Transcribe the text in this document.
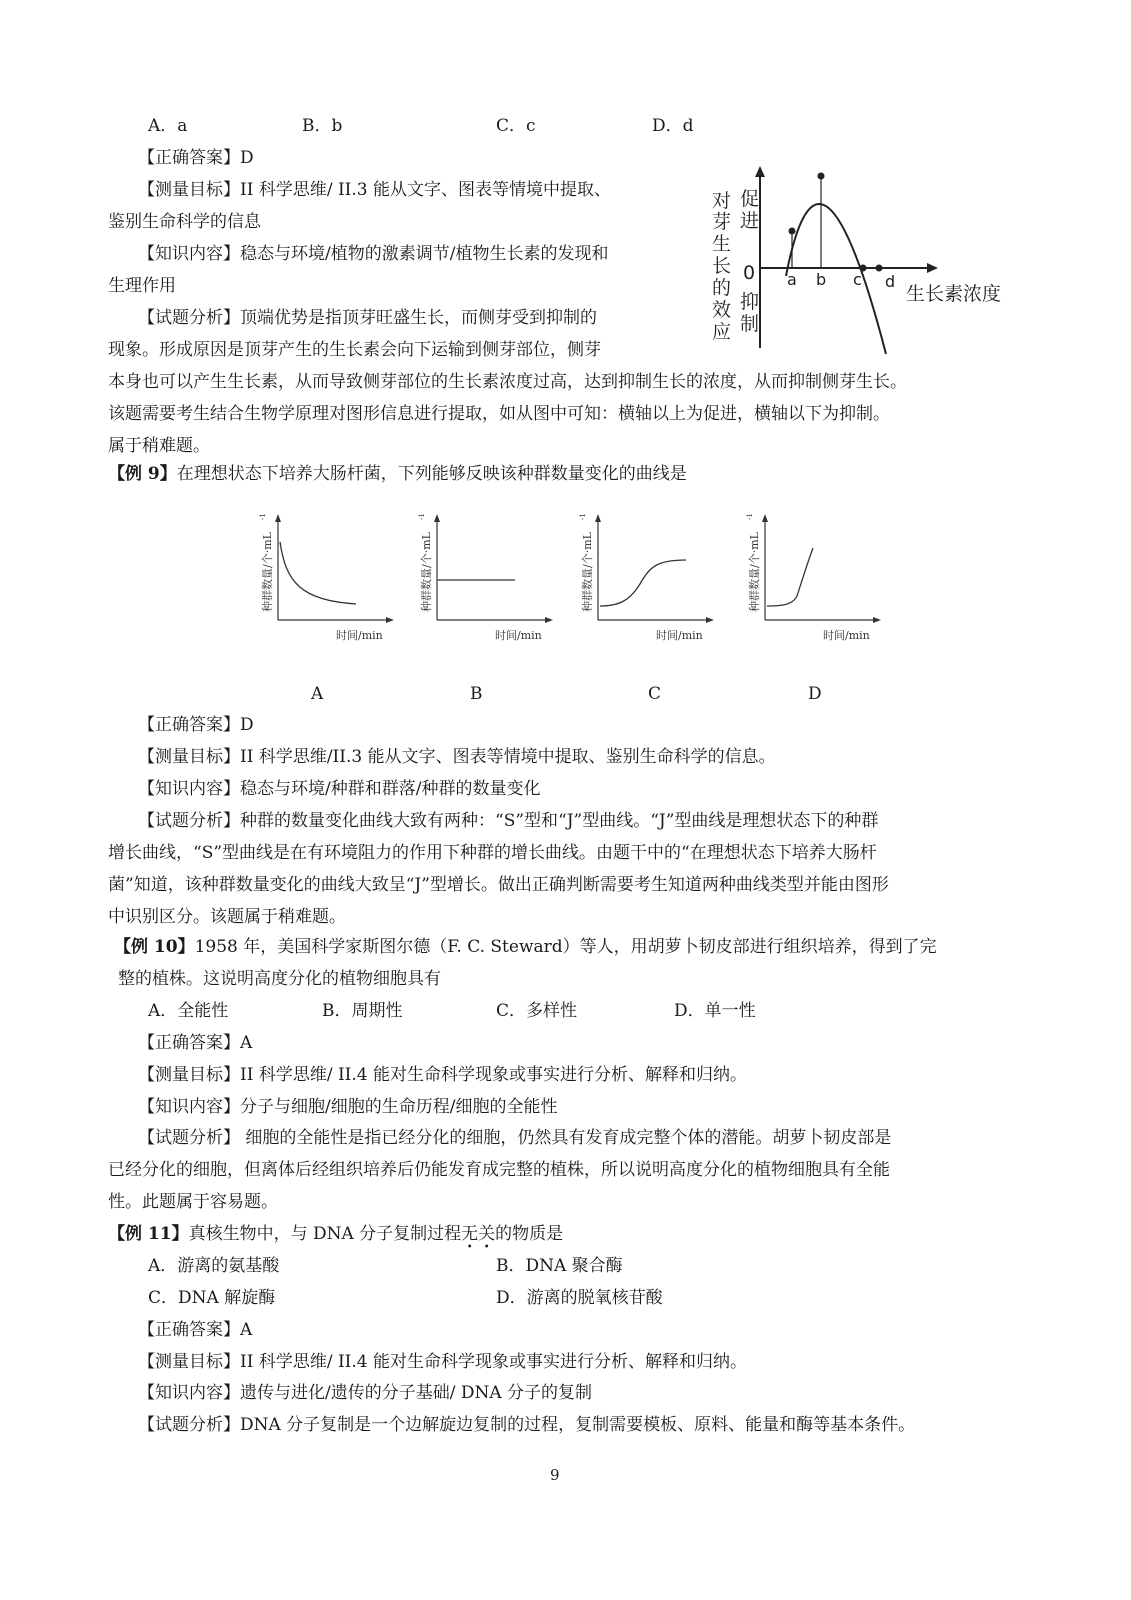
A．a	B．b	C．c	D．d
【正确答案】D
【测量目标】II 科学思维/ II.3 能从文字、图表等情境中提取、
鉴别生命科学的信息
【知识内容】稳态与环境/植物的激素调节/植物生长素的发现和
生理作用
【试题分析】顶端优势是指顶芽旺盛生长，而侧芽受到抑制的
现象。形成原因是顶芽产生的生长素会向下运输到侧芽部位，侧芽
本身也可以产生生长素，从而导致侧芽部位的生长素浓度过高，达到抑制生长的浓度，从而抑制侧芽生长。
该题需要考生结合生物学原理对图形信息进行提取，如从图中可知：横轴以上为促进，横轴以下为抑制。
属于稍难题。
对
芽
生
长
的
效
应
促
进
抑
制
0 a b c d
生长素浓度
【例 9】在理想状态下培养大肠杆菌，下列能够反映该种群数量变化的曲线是
种群数量/个·mL
-1
时间/min
种群数量/个·mL
-1
时间/min
种群数量/个·mL
-1
时间/min
种群数量/个·mL
-1
时间/min
A	B	C	D
【正确答案】D
【测量目标】II 科学思维/II.3 能从文字、图表等情境中提取、鉴别生命科学的信息。
【知识内容】稳态与环境/种群和群落/种群的数量变化
【试题分析】种群的数量变化曲线大致有两种：“S”型和“J”型曲线。“J”型曲线是理想状态下的种群
增长曲线，“S”型曲线是在有环境阻力的作用下种群的增长曲线。由题干中的“在理想状态下培养大肠杆
菌”知道，该种群数量变化的曲线大致呈“J”型增长。做出正确判断需要考生知道两种曲线类型并能由图形
中识别区分。该题属于稍难题。
【例 10】1958 年，美国科学家斯图尔德（F. C. Steward）等人，用胡萝卜韧皮部进行组织培养，得到了完
整的植株。这说明高度分化的植物细胞具有
A．全能性	B．周期性	C．多样性	D．单一性
【正确答案】A
【测量目标】II 科学思维/ II.4 能对生命科学现象或事实进行分析、解释和归纳。
【知识内容】分子与细胞/细胞的生命历程/细胞的全能性
【试题分析】 细胞的全能性是指已经分化的细胞，仍然具有发育成完整个体的潜能。胡萝卜韧皮部是
已经分化的细胞，但离体后经组织培养后仍能发育成完整的植株，所以说明高度分化的植物细胞具有全能
性。此题属于容易题。
【例 11】真核生物中，与 DNA 分子复制过程无
•
关
•
的物质是
A．游离的氨基酸	B．DNA 聚合酶
C．DNA 解旋酶	D．游离的脱氧核苷酸
【正确答案】A
【测量目标】II 科学思维/ II.4 能对生命科学现象或事实进行分析、解释和归纳。
【知识内容】遗传与进化/遗传的分子基础/ DNA 分子的复制
【试题分析】DNA 分子复制是一个边解旋边复制的过程，复制需要模板、原料、能量和酶等基本条件。
9
